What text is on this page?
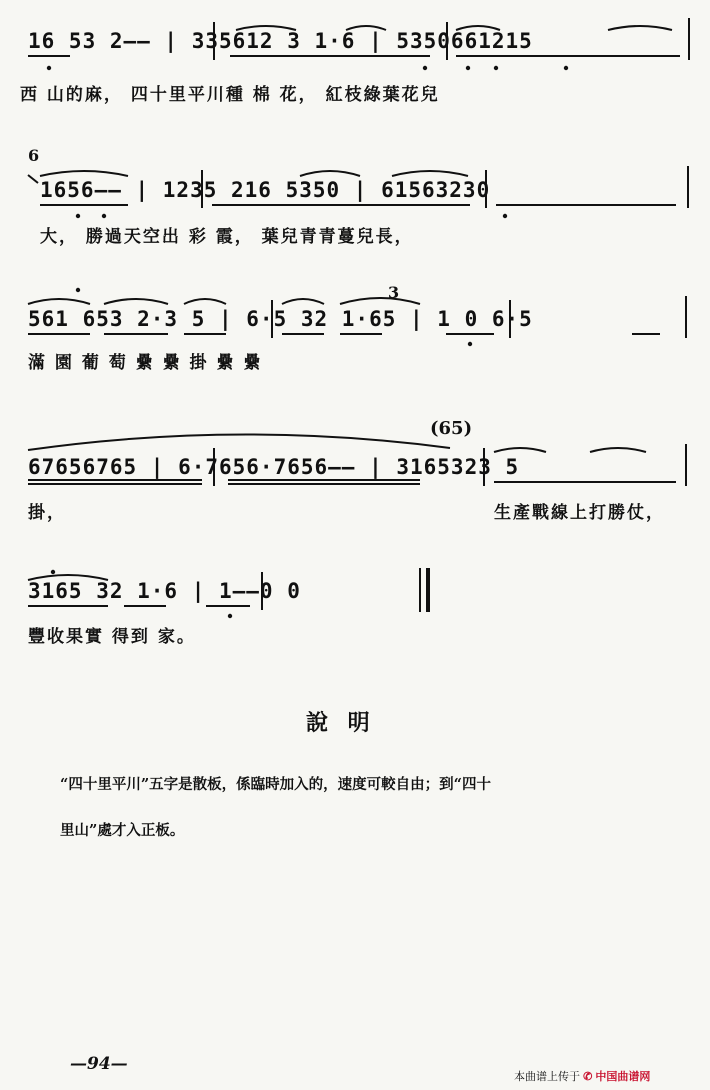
16 53 2—— | 335612 3 1·6 | 5350661215
西 山的麻， 四十里平川種 棉 花， 紅枝綠葉花兒
6
1656—— | 1235 216 5350 | 61563230
大， 勝過天空出 彩 霞， 葉兒青青蔓兒長，
3
561 653 2·3 5 | 6·5 32 1·65 | 1 0 6·5
滿 園 葡 萄 纍 纍 掛 纍 纍
(65)
67656765 | 6·7656·7656—— | 3165323 5
掛，	生產戰線上打勝仗，
3165 32 1·6 | 1——0 0
豐收果實 得到 家。
說 明
“四十里平川”五字是散板，係臨時加入的，速度可較自由；到“四十
里山”處才入正板。
—94—
本曲谱上传于 ✆ 中国曲谱网
